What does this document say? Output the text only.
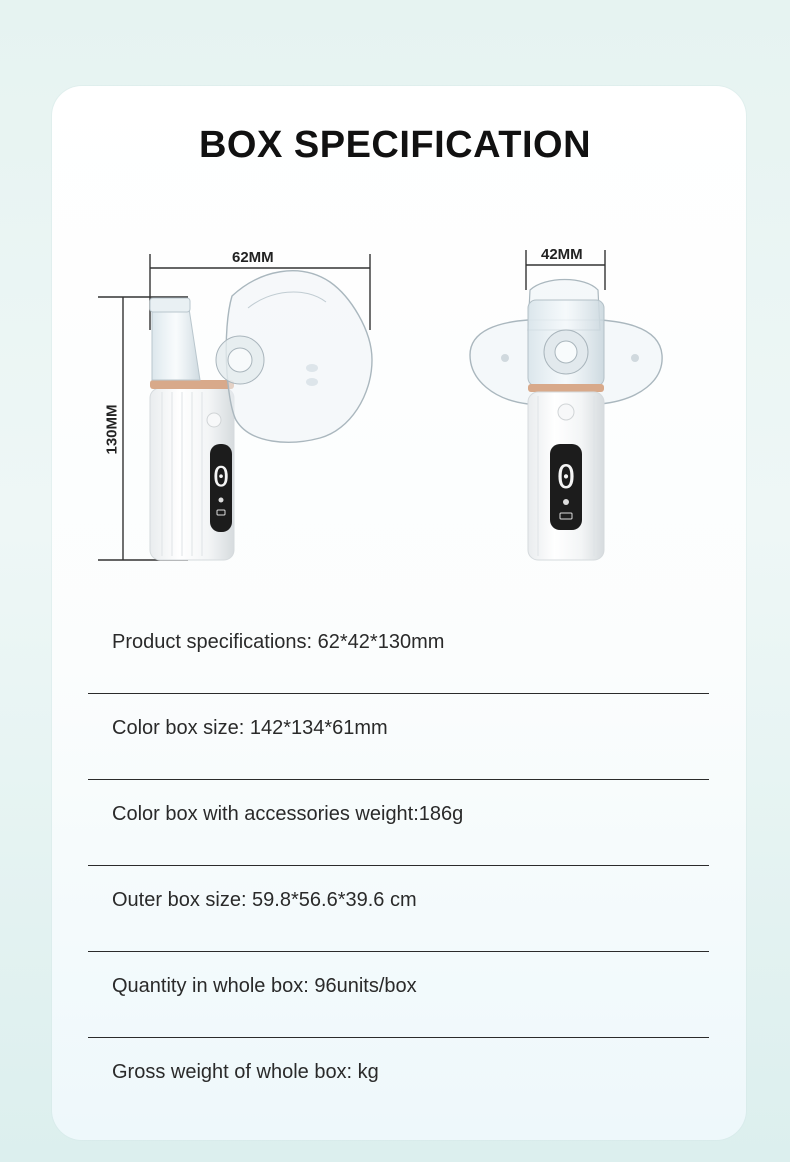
BOX SPECIFICATION
0	0
62MM	42MM
130MM
Product specifications: 62*42*130mm
Color box size: 142*134*61mm
Color box with accessories weight:186g
Outer box size: 59.8*56.6*39.6 cm
Quantity in whole box: 96units/box
Gross weight of whole box: kg
